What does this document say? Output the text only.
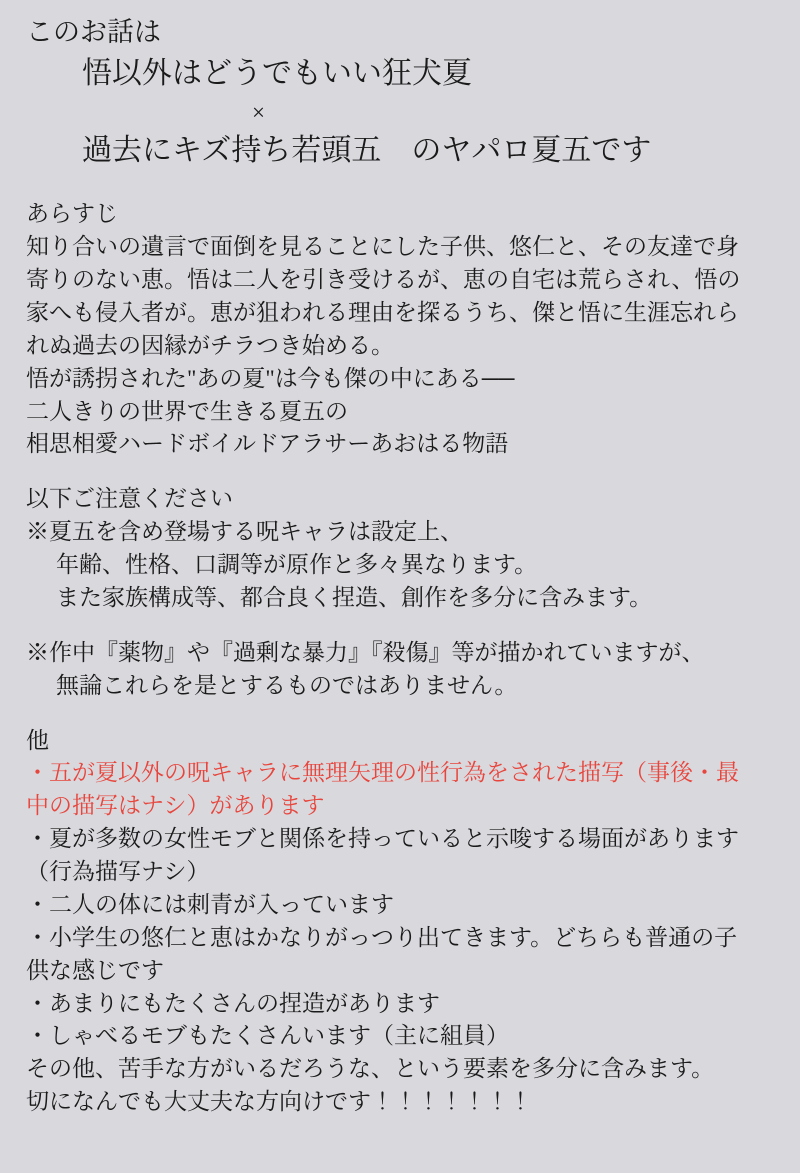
このお話は

悟以外はどうでもいい狂犬夏

×

過去にキズ持ち若頭五　のヤパロ夏五です

あらすじ

知り合いの遺言で面倒を見ることにした子供、悠仁と、その友達で身

寄りのない恵。悟は二人を引き受けるが、恵の自宅は荒らされ、悟の

家へも侵入者が。恵が狙われる理由を探るうち、傑と悟に生涯忘れら

れぬ過去の因縁がチラつき始める。

悟が誘拐された"あの夏"は今も傑の中にある──

二人きりの世界で生きる夏五の

相思相愛ハードボイルドアラサーあおはる物語

以下ご注意ください

※夏五を含め登場する呪キャラは設定上、

年齢、性格、口調等が原作と多々異なります。

また家族構成等、都合良く捏造、創作を多分に含みます。

※作中『薬物』や『過剰な暴力』『殺傷』等が描かれていますが、

無論これらを是とするものではありません。

他

・五が夏以外の呪キャラに無理矢理の性行為をされた描写（事後・最

中の描写はナシ）があります

・夏が多数の女性モブと関係を持っていると示唆する場面があります

（行為描写ナシ）

・二人の体には刺青が入っています

・小学生の悠仁と恵はかなりがっつり出てきます。どちらも普通の子

供な感じです

・あまりにもたくさんの捏造があります

・しゃべるモブもたくさんいます（主に組員）

その他、苦手な方がいるだろうな、という要素を多分に含みます。

切になんでも大丈夫な方向けです！！！！！！！
